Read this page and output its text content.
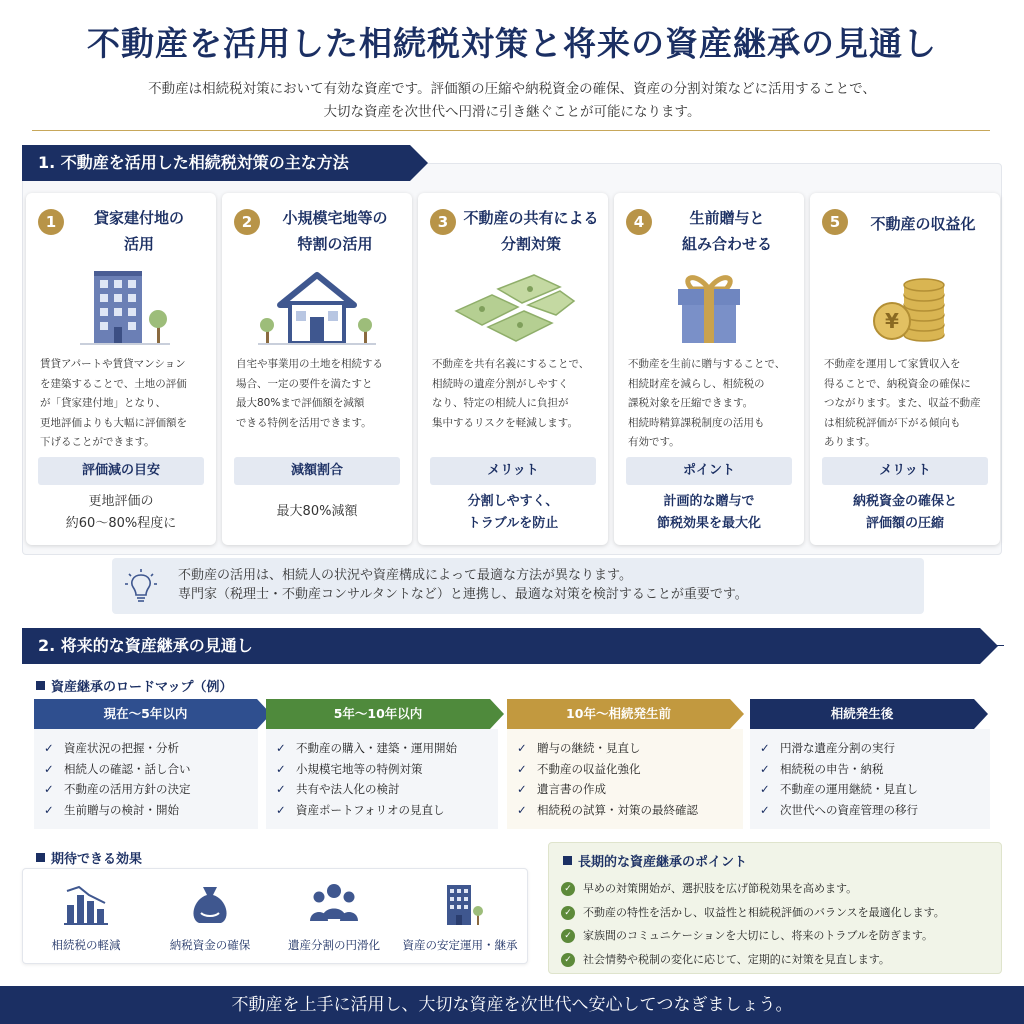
不動産を活用した相続税対策と将来の資産継承の見通し
不動産は相続税対策において有効な資産です。評価額の圧縮や納税資金の確保、資産の分割対策などに活用することで、
大切な資産を次世代へ円滑に引き継ぐことが可能になります。
1. 不動産を活用した相続税対策の主な方法
1	貸家建付地の
活用
賃貸アパートや賃貸マンション
を建築することで、土地の評価
が「貸家建付地」となり、
更地評価よりも大幅に評価額を
下げることができます。
評価減の目安
更地評価の
約60〜80%程度に
2	小規模宅地等の
特割の活用
自宅や事業用の土地を相続する
場合、一定の要件を満たすと
最大80%まで評価額を減額
できる特例を活用できます。
減額割合
最大80%減額
3	不動産の共有による
分割対策
不動産を共有名義にすることで、
相続時の遺産分割がしやすく
なり、特定の相続人に負担が
集中するリスクを軽減します。
メリット
分割しやすく、
トラブルを防止
4	生前贈与と
組み合わせる
不動産を生前に贈与することで、
相続財産を減らし、相続税の
課税対象を圧縮できます。
相続時精算課税制度の活用も
有効です。
ポイント
計画的な贈与で
節税効果を最大化
5	不動産の収益化
¥
不動産を運用して家賃収入を
得ることで、納税資金の確保に
つながります。また、収益不動産
は相続税評価が下がる傾向も
あります。
メリット
納税資金の確保と
評価額の圧縮
不動産の活用は、相続人の状況や資産構成によって最適な方法が異なります。
専門家（税理士・不動産コンサルタントなど）と連携し、最適な対策を検討することが重要です。
2. 将来的な資産継承の見通し
資産継承のロードマップ（例）
現在〜5年以内	5年〜10年以内	10年〜相続発生前	相続発生後
✓ 資産状況の把握・分析
✓ 相続人の確認・話し合い
✓ 不動産の活用方針の決定
✓ 生前贈与の検討・開始
✓ 不動産の購入・建築・運用開始
✓ 小規模宅地等の特例対策
✓ 共有や法人化の検討
✓ 資産ポートフォリオの見直し
✓ 贈与の継続・見直し
✓ 不動産の収益化強化
✓ 遺言書の作成
✓ 相続税の試算・対策の最終確認
✓ 円滑な遺産分割の実行
✓ 相続税の申告・納税
✓ 不動産の運用継続・見直し
✓ 次世代への資産管理の移行
期待できる効果
相続税の軽減	納税資金の確保	遺産分割の円滑化	資産の安定運用・継承
長期的な資産継承のポイント
✓ 早めの対策開始が、選択肢を広げ節税効果を高めます。
✓ 不動産の特性を活かし、収益性と相続税評価のバランスを最適化します。
✓ 家族間のコミュニケーションを大切にし、将来のトラブルを防ぎます。
✓ 社会情勢や税制の変化に応じて、定期的に対策を見直します。
不動産を上手に活用し、大切な資産を次世代へ安心してつなぎましょう。
